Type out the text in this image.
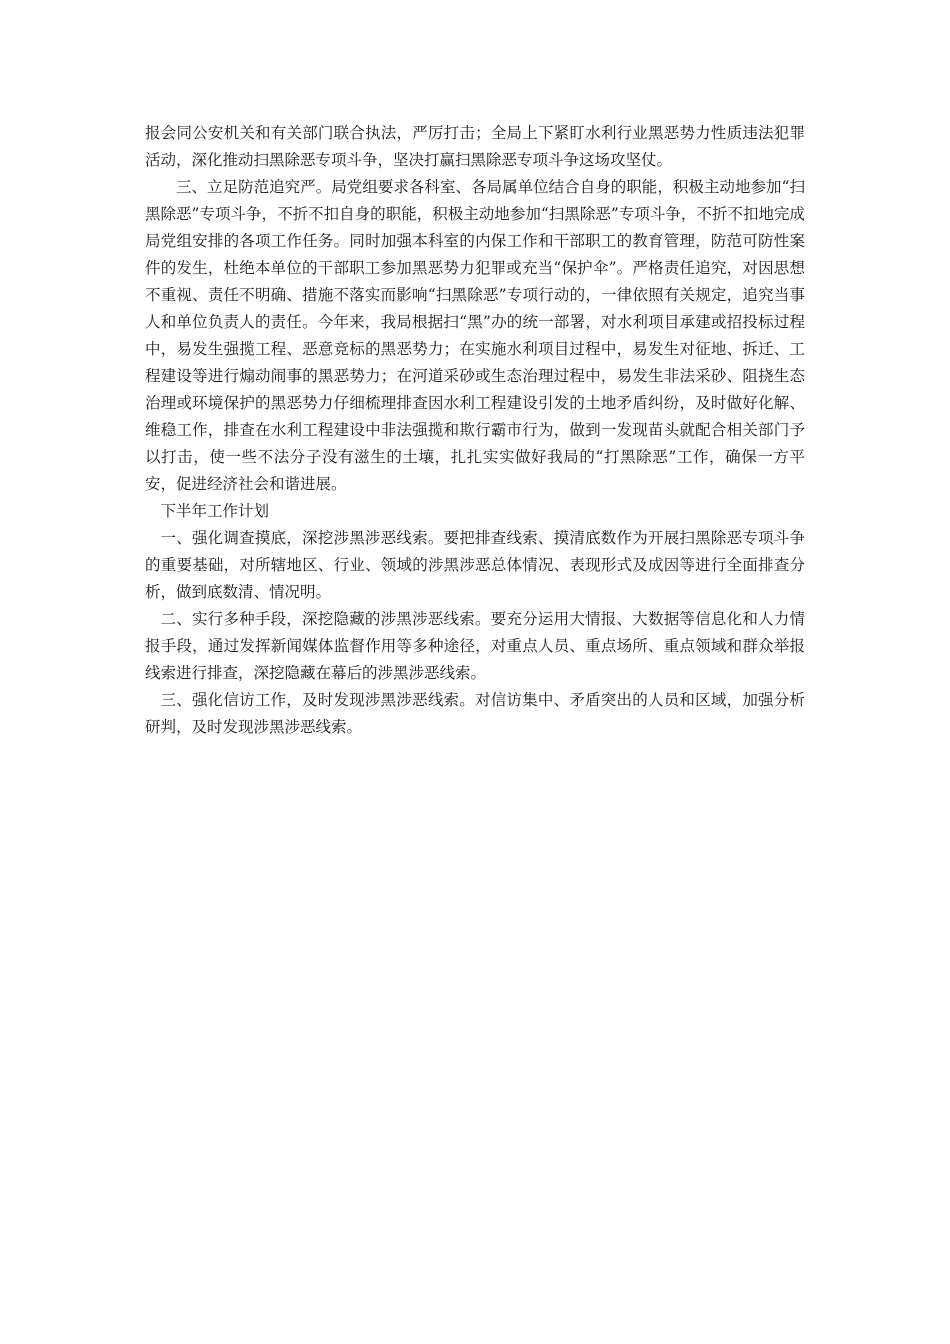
报会同公安机关和有关部门联合执法，严厉打击；全局上下紧盯水利行业黑恶势力性质违法犯罪活动，深化推动扫黑除恶专项斗争，坚决打赢扫黑除恶专项斗争这场攻坚仗。

三、立足防范追究严。局党组要求各科室、各局属单位结合自身的职能，积极主动地参加“扫黑除恶”专项斗争，不折不扣自身的职能，积极主动地参加“扫黑除恶”专项斗争，不折不扣地完成局党组安排的各项工作任务。同时加强本科室的内保工作和干部职工的教育管理，防范可防性案件的发生，杜绝本单位的干部职工参加黑恶势力犯罪或充当“保护伞”。严格责任追究，对因思想不重视、责任不明确、措施不落实而影响“扫黑除恶”专项行动的，一律依照有关规定，追究当事人和单位负责人的责任。今年来，我局根据扫“黑”办的统一部署，对水利项目承建或招投标过程中，易发生强揽工程、恶意竞标的黑恶势力；在实施水利项目过程中，易发生对征地、拆迁、工程建设等进行煽动闹事的黑恶势力；在河道采砂或生态治理过程中，易发生非法采砂、阻挠生态治理或环境保护的黑恶势力仔细梳理排查因水利工程建设引发的土地矛盾纠纷，及时做好化解、维稳工作，排查在水利工程建设中非法强揽和欺行霸市行为，做到一发现苗头就配合相关部门予以打击，使一些不法分子没有滋生的土壤，扎扎实实做好我局的“打黑除恶”工作，确保一方平安，促进经济社会和谐进展。

下半年工作计划

一、强化调查摸底，深挖涉黑涉恶线索。要把排查线索、摸清底数作为开展扫黑除恶专项斗争的重要基础，对所辖地区、行业、领域的涉黑涉恶总体情况、表现形式及成因等进行全面排查分析，做到底数清、情况明。

二、实行多种手段，深挖隐藏的涉黑涉恶线索。要充分运用大情报、大数据等信息化和人力情报手段，通过发挥新闻媒体监督作用等多种途径，对重点人员、重点场所、重点领域和群众举报线索进行排查，深挖隐藏在幕后的涉黑涉恶线索。

三、强化信访工作，及时发现涉黑涉恶线索。对信访集中、矛盾突出的人员和区域，加强分析研判，及时发现涉黑涉恶线索。
